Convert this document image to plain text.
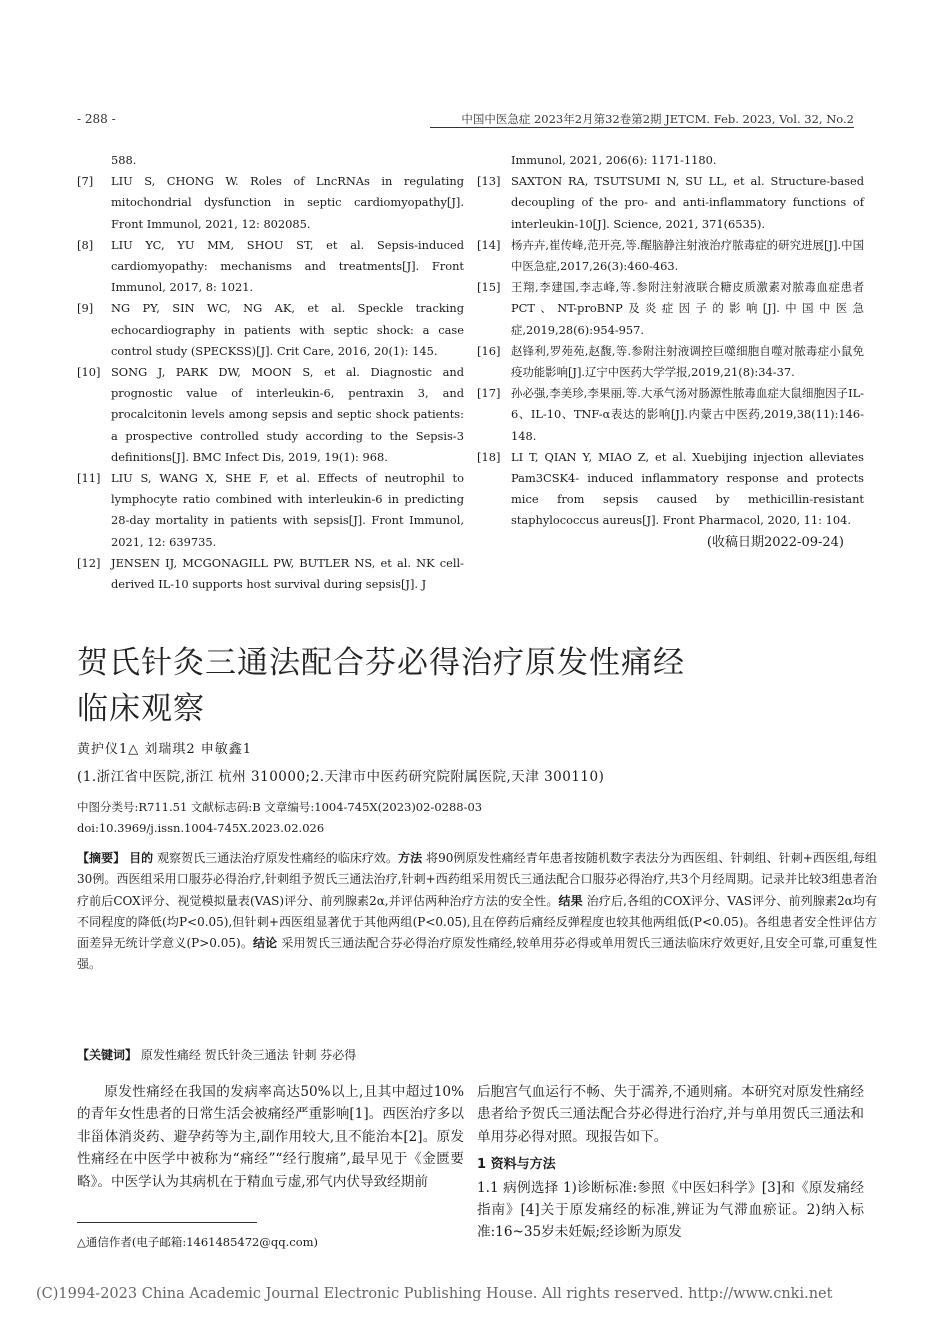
- 288 -	中国中医急症 2023年2月第32卷第2期 JETCM. Feb. 2023, Vol. 32, No.2
588.
[7]	LIU S, CHONG W. Roles of LncRNAs in regulating mitochondrial dysfunction in septic cardiomyopathy[J]. Front Immunol, 2021, 12: 802085.
[8]	LIU YC, YU MM, SHOU ST, et al. Sepsis-induced cardiomyopathy: mechanisms and treatments[J]. Front Immunol, 2017, 8: 1021.
[9]	NG PY, SIN WC, NG AK, et al. Speckle tracking echocardiography in patients with septic shock: a case control study (SPECKSS)[J]. Crit Care, 2016, 20(1): 145.
[10] SONG J, PARK DW, MOON S, et al. Diagnostic and prognostic value of interleukin-6, pentraxin 3, and procalcitonin levels among sepsis and septic shock patients: a prospective controlled study according to the Sepsis-3 definitions[J]. BMC Infect Dis, 2019, 19(1): 968.
[11] LIU S, WANG X, SHE F, et al. Effects of neutrophil to lymphocyte ratio combined with interleukin-6 in predicting 28-day mortality in patients with sepsis[J]. Front Immunol, 2021, 12: 639735.
[12] JENSEN IJ, MCGONAGILL PW, BUTLER NS, et al. NK cell-derived IL-10 supports host survival during sepsis[J]. J
Immunol, 2021, 206(6): 1171-1180.
[13] SAXTON RA, TSUTSUMI N, SU LL, et al. Structure-based decoupling of the pro- and anti-inflammatory functions of interleukin-10[J]. Science, 2021, 371(6535).
[14] 杨卉卉,崔传峰,范开亮,等.醒脑静注射液治疗脓毒症的研究进展[J].中国中医急症,2017,26(3):460-463.
[15] 王翔,李建国,李志峰,等.参附注射液联合糖皮质激素对脓毒血症患者PCT、NT-proBNP及炎症因子的影响[J].中国中医急症,2019,28(6):954-957.
[16] 赵锋利,罗苑苑,赵馥,等.参附注射液调控巨噬细胞自噬对脓毒症小鼠免疫功能影响[J].辽宁中医药大学学报,2019,21(8):34-37.
[17] 孙必强,李美珍,李果丽,等.大承气汤对肠源性脓毒血症大鼠细胞因子IL-6、IL-10、TNF-α表达的影响[J].内蒙古中医药,2019,38(11):146-148.
[18] LI T, QIAN Y, MIAO Z, et al. Xuebijing injection alleviates Pam3CSK4- induced inflammatory response and protects mice from sepsis caused by methicillin-resistant staphylococcus aureus[J]. Front Pharmacol, 2020, 11: 104.
(收稿日期2022-09-24)
贺氏针灸三通法配合芬必得治疗原发性痛经
临床观察
黄护仪1△ 刘瑞琪2 申敏鑫1
(1.浙江省中医院,浙江 杭州 310000;2.天津市中医药研究院附属医院,天津 300110)
中图分类号:R711.51 文献标志码:B 文章编号:1004-745X(2023)02-0288-03
doi:10.3969/j.issn.1004-745X.2023.02.026
【摘要】 目的 观察贺氏三通法治疗原发性痛经的临床疗效。方法 将90例原发性痛经青年患者按随机数字表法分为西医组、针刺组、针刺+西医组,每组30例。西医组采用口服芬必得治疗,针刺组予贺氏三通法治疗,针刺+西药组采用贺氏三通法配合口服芬必得治疗,共3个月经周期。记录并比较3组患者治疗前后COX评分、视觉模拟量表(VAS)评分、前列腺素2α,并评估两种治疗方法的安全性。结果 治疗后,各组的COX评分、VAS评分、前列腺素2α均有不同程度的降低(均P<0.05),但针刺+西医组显著优于其他两组(P<0.05),且在停药后痛经反弹程度也较其他两组低(P<0.05)。各组患者安全性评估方面差异无统计学意义(P>0.05)。结论 采用贺氏三通法配合芬必得治疗原发性痛经,较单用芬必得或单用贺氏三通法临床疗效更好,且安全可靠,可重复性强。
【关键词】 原发性痛经 贺氏针灸三通法 针刺 芬必得

原发性痛经在我国的发病率高达50%以上,且其中超过10%的青年女性患者的日常生活会被痛经严重影响[1]。西医治疗多以非甾体消炎药、避孕药等为主,副作用较大,且不能治本[2]。原发性痛经在中医学中被称为“痛经”“经行腹痛”,最早见于《金匮要略》。中医学认为其病机在于精血亏虚,邪气内伏导致经期前

后胞宫气血运行不畅、失于濡养,不通则痛。本研究对原发性痛经患者给予贺氏三通法配合芬必得进行治疗,并与单用贺氏三通法和单用芬必得对照。现报告如下。

1 资料与方法

1.1 病例选择 1)诊断标准:参照《中医妇科学》[3]和《原发痛经指南》[4]关于原发痛经的标准,辨证为气滞血瘀证。2)纳入标准:16~35岁未妊娠;经诊断为原发

△通信作者(电子邮箱:1461485472@qq.com)
(C)1994-2023 China Academic Journal Electronic Publishing House. All rights reserved. http://www.cnki.net
